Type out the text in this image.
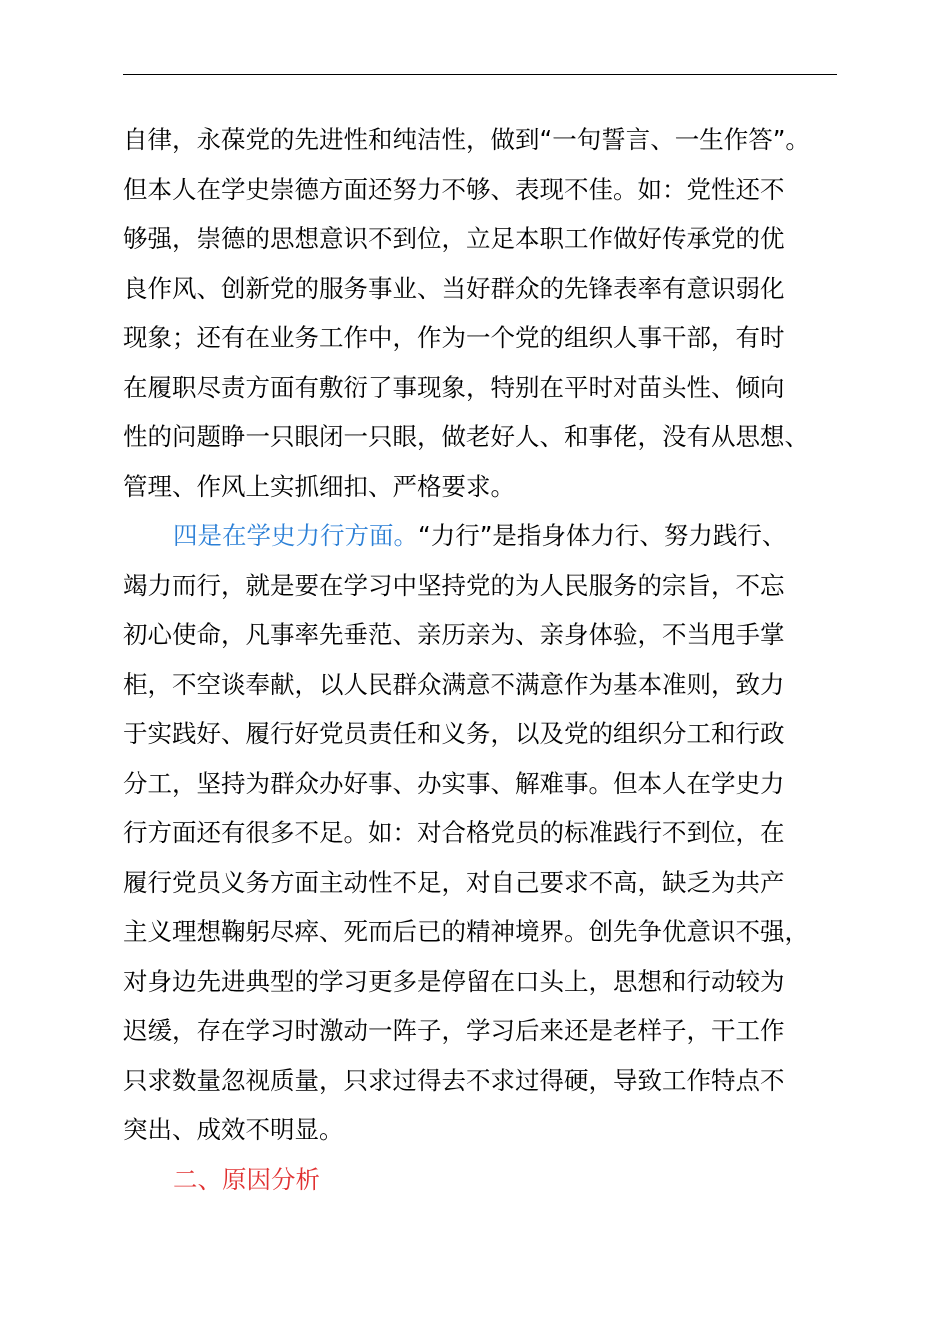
自律，永葆党的先进性和纯洁性，做到“一句誓言、一生作答”。
但本人在学史崇德方面还努力不够、表现不佳。如：党性还不
够强，崇德的思想意识不到位，立足本职工作做好传承党的优
良作风、创新党的服务事业、当好群众的先锋表率有意识弱化
现象；还有在业务工作中，作为一个党的组织人事干部，有时
在履职尽责方面有敷衍了事现象，特别在平时对苗头性、倾向
性的问题睁一只眼闭一只眼，做老好人、和事佬，没有从思想、
管理、作风上实抓细扣、严格要求。
四是在学史力行方面。“力行”是指身体力行、努力践行、
竭力而行，就是要在学习中坚持党的为人民服务的宗旨，不忘
初心使命，凡事率先垂范、亲历亲为、亲身体验，不当甩手掌
柜，不空谈奉献，以人民群众满意不满意作为基本准则，致力
于实践好、履行好党员责任和义务，以及党的组织分工和行政
分工，坚持为群众办好事、办实事、解难事。但本人在学史力
行方面还有很多不足。如：对合格党员的标准践行不到位，在
履行党员义务方面主动性不足，对自己要求不高，缺乏为共产
主义理想鞠躬尽瘁、死而后已的精神境界。创先争优意识不强，
对身边先进典型的学习更多是停留在口头上，思想和行动较为
迟缓，存在学习时激动一阵子，学习后来还是老样子，干工作
只求数量忽视质量，只求过得去不求过得硬，导致工作特点不
突出、成效不明显。
二、原因分析
